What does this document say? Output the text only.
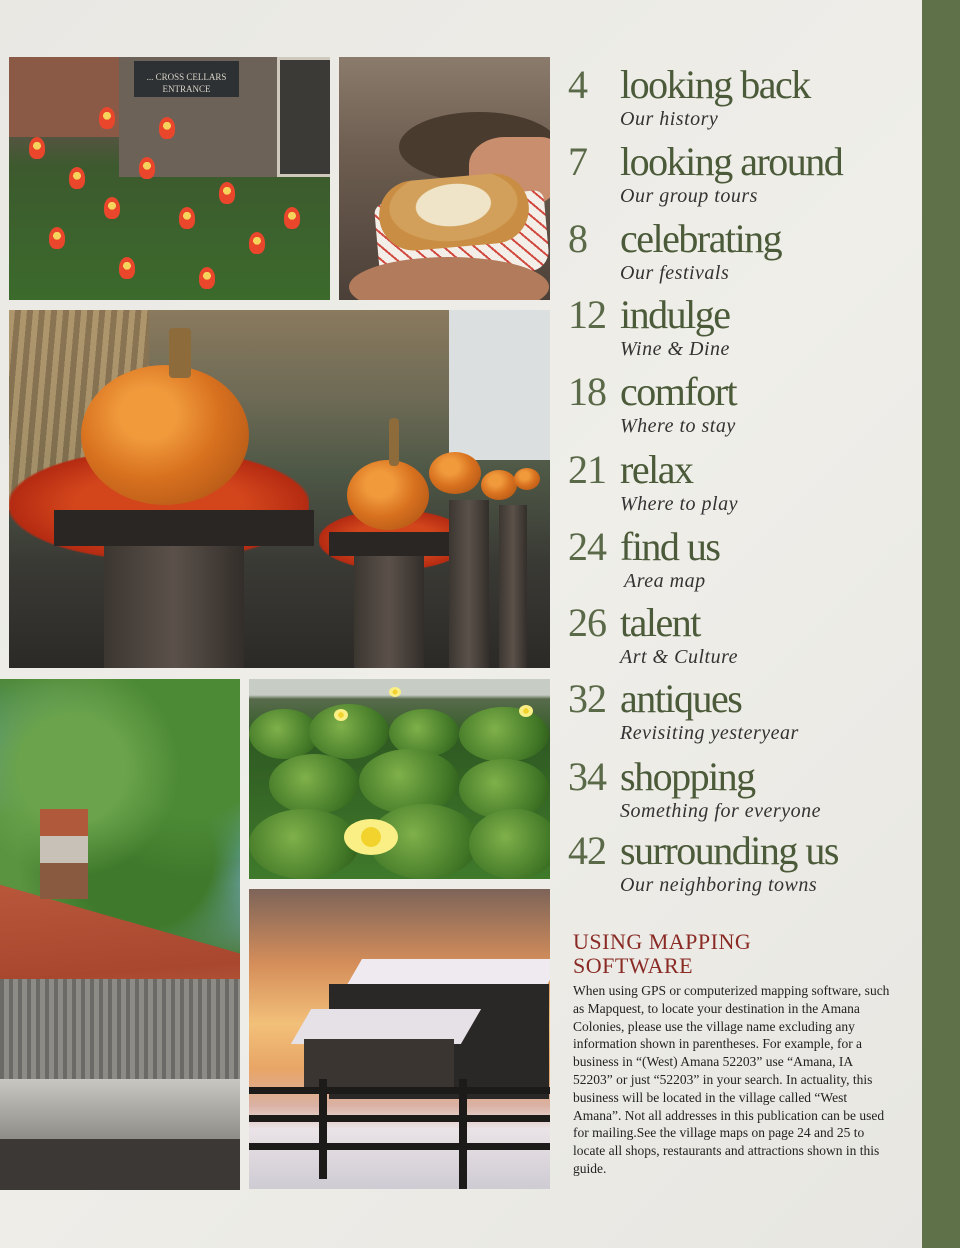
... CROSS CELLARS ENTRANCE	4 looking back
Our history
7 looking around
Our group tours
8 celebrating
Our festivals
12 indulge
Wine & Dine
18 comfort
Where to stay
21 relax
Where to play
24 find us
Area map
26 talent
Art & Culture
32 antiques
Revisiting yesteryear
34 shopping
Something for everyone
42 surrounding us
Our neighboring towns
USING MAPPING
SOFTWARE
When using GPS or computerized mapping software, such as Mapquest, to locate your destination in the Amana Colonies, please use the village name excluding any information shown in parentheses. For example, for a business in “(West) Amana 52203” use “Amana, IA 52203” or just “52203” in your search. In actuality, this business will be located in the village called “West Amana”. Not all addresses in this publication can be used for mailing.See the village maps on page 24 and 25 to locate all shops, restaurants and attractions shown in this guide.
